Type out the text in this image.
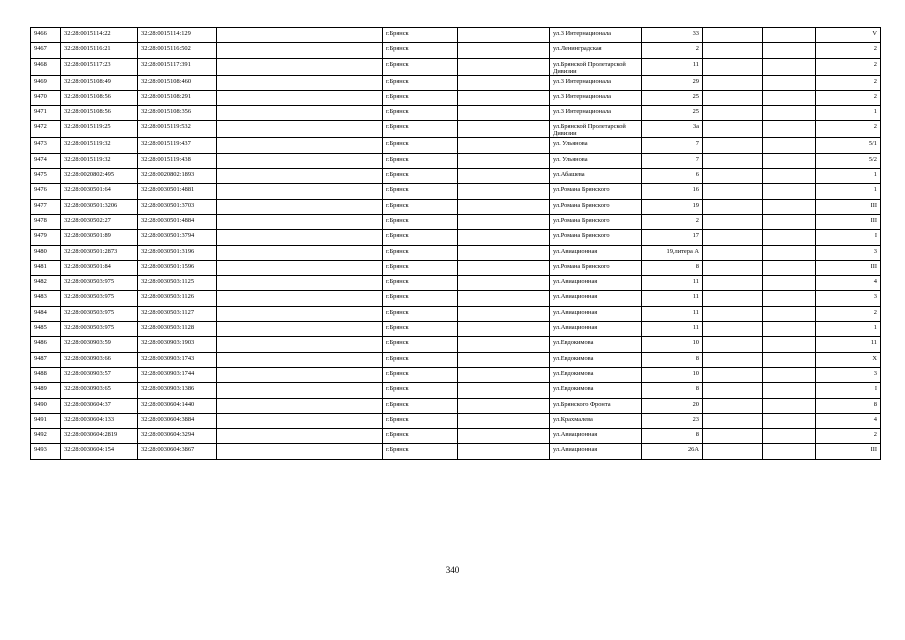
9466	32:28:0015114:22	32:28:0015114:129		г.Брянск		ул.3 Интернационала	33			V
9467	32:28:0015116:21	32:28:0015116:502		г.Брянск		ул.Ленинградская	2			2
9468	32:28:0015117:23	32:28:0015117:391		г.Брянск		ул.Брянской Пролетарской Дивизии	11			2
9469	32:28:0015108:49	32:28:0015108:460		г.Брянск		ул.3 Интернационала	29			2
9470	32:28:0015108:56	32:28:0015108:291		г.Брянск		ул.3 Интернационала	25			2
9471	32:28:0015108:56	32:28:0015108:356		г.Брянск		ул.3 Интернационала	25			1
9472	32:28:0015119:25	32:28:0015119:532		г.Брянск		ул.Брянской Пролетарской Дивизии	3а			2
9473	32:28:0015119:32	32:28:0015119:437		г.Брянск		ул. Ульянова	7			5/1
9474	32:28:0015119:32	32:28:0015119:438		г.Брянск		ул. Ульянова	7			5/2
9475	32:28:0020802:495	32:28:0020802:1893		г.Брянск		ул.Абашева	6			1
9476	32:28:0030501:64	32:28:0030501:4881		г.Брянск		ул.Романа Брянского	16			1
9477	32:28:0030501:3206	32:28:0030501:3703		г.Брянск		ул.Романа Брянского	19			III
9478	32:28:0030502:27	32:28:0030501:4884		г.Брянск		ул.Романа Брянского	2			III
9479	32:28:0030501:89	32:28:0030501:3794		г.Брянск		ул.Романа Брянского	17			I
9480	32:28:0030501:2873	32:28:0030501:3196		г.Брянск		ул.Авиационная	19,литера А			3
9481	32:28:0030501:84	32:28:0030501:1596		г.Брянск		ул.Романа Брянского	8			III
9482	32:28:0030503:975	32:28:0030503:1125		г.Брянск		ул.Авиационная	11			4
9483	32:28:0030503:975	32:28:0030503:1126		г.Брянск		ул.Авиационная	11			3
9484	32:28:0030503:975	32:28:0030503:1127		г.Брянск		ул.Авиационная	11			2
9485	32:28:0030503:975	32:28:0030503:1128		г.Брянск		ул.Авиационная	11			1
9486	32:28:0030903:59	32:28:0030903:1903		г.Брянск		ул.Евдокимова	10			11
9487	32:28:0030903:66	32:28:0030903:1743		г.Брянск		ул.Евдокимова	8			X
9488	32:28:0030903:57	32:28:0030903:1744		г.Брянск		ул.Евдокимова	10			3
9489	32:28:0030903:65	32:28:0030903:1386		г.Брянск		ул.Евдокимова	8			I
9490	32:28:0030604:37	32:28:0030604:1440		г.Брянск		ул.Брянского Фронта	20			8
9491	32:28:0030604:133	32:28:0030604:3884		г.Брянск		ул.Крахмалева	23			4
9492	32:28:0030604:2819	32:28:0030604:3294		г.Брянск		ул.Авиационная	8			2
9493	32:28:0030604:154	32:28:0030604:3867		г.Брянск		ул.Авиационная	26А			III
340
